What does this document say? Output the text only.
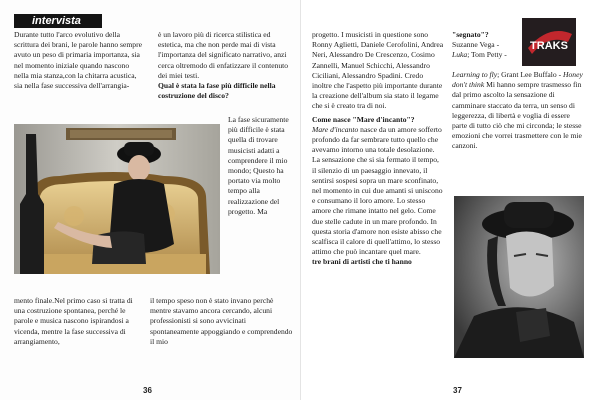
intervista

Durante tutto l'arco evolutivo della scrittura dei brani, le parole hanno sempre avuto un peso di primaria importanza, sia nel momento iniziale quando nascono nella mia stanza,con la chitarra acustica, sia nella fase successiva dell'arrangia-

La fase sicuramente più difficile è stata quella di trovare musicisti adatti a comprendere il mio mondo; Questo ha portato via molto tempo alla realizzazione del progetto. Ma

mento finale.Nel primo caso si tratta di una costruzione spontanea, perché le parole e musica nascono ispirandosi a vicenda, mentre la fase successiva di arrangiamento,

è un lavoro più di ricerca stilistica ed estetica, ma che non perde mai di vista l'importanza del significato narrativo, anzi cerca oltremodo di enfatizzare il contenuto dei miei testi.

Qual è stata la fase più difficile nella costruzione del disco?

il tempo speso non è stato invano perchè mentre stavamo ancora cercando, alcuni professionisti si sono avvicinati spontaneamente appoggiando e comprendendo il mio

36	37

progetto. I musicisti in questione sono Ronny Aglietti, Daniele Cerofolini, Andrea Neri, Alessandro De Crescenzo, Cosimo Zannelli, Manuel Schicchi, Alessandro Ciciliani, Alessandro Spadini. Credo inoltre che l'aspetto più importante durante la creazione dell'album sia stato il legame che si è creato tra di noi.

Come nasce "Mare d'incanto"?

Mare d'incanto nasce da un amore sofferto profondo da far sembrare tutto quello che avevamo intorno una totale desolazione. La sensazione che si sia fermato il tempo, il silenzio di un paesaggio innevato, il sentirsi sospesi sopra un mare sconfinato, nel momento in cui due amanti si uniscono e consumano il loro amore. Lo stesso amore che rimane intatto nel gelo. Come due stelle cadute in un mare profondo. In questa storia d'amore non esiste abisso che scalfisca il calore di quell'attimo, lo stesso attimo che può incantare quel mare.

tre brani di artisti che ti hanno

"segnato"?

Suzanne Vega -

Luka; Tom Petty -

Learning to fly; Grant Lee Buffalo - Honey don't think Mi hanno sempre trasmesso fin dal primo ascolto la sensazione di camminare staccato da terra, un senso di leggerezza, di libertà e voglia di essere parte di tutto ciò che mi circonda; le stesse emozioni che vorrei trasmettere con le mie canzoni.

TRAKS
